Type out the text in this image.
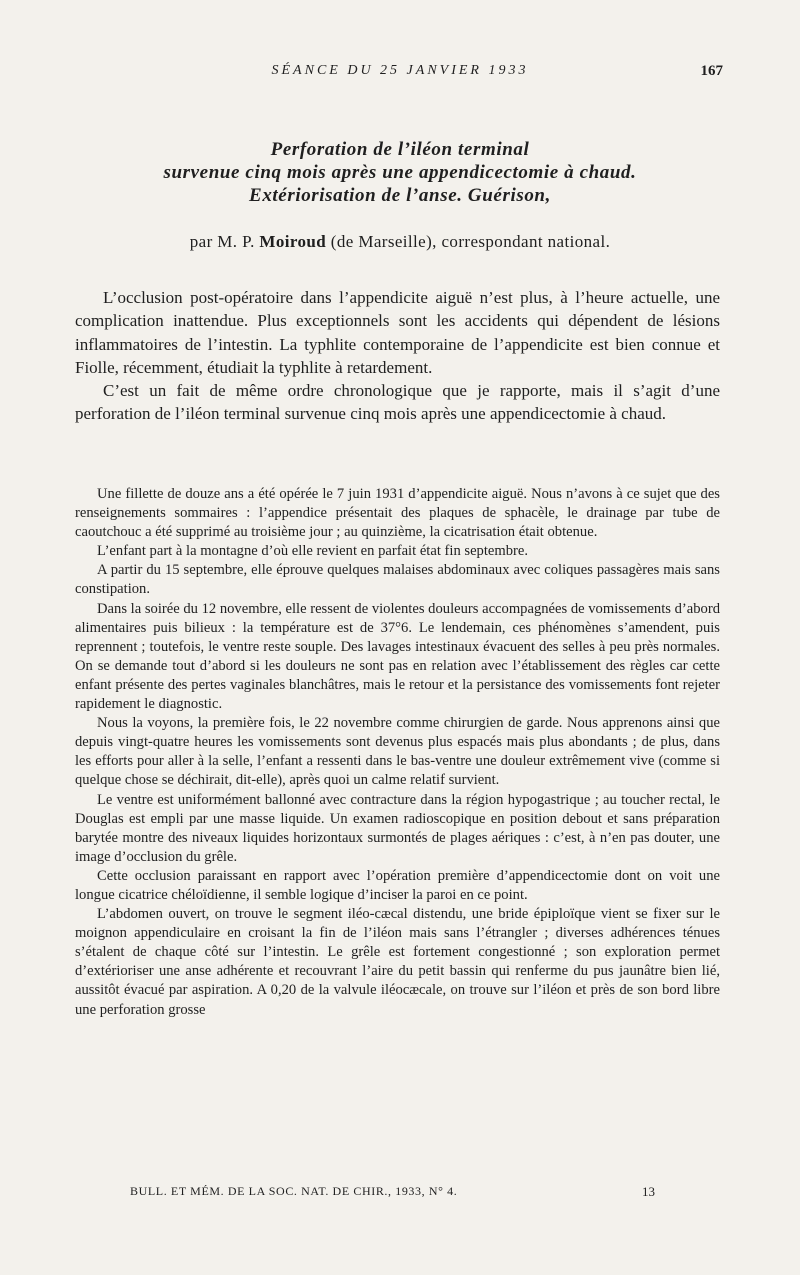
SÉANCE DU 25 JANVIER 1933	167
Perforation de l’iléon terminal
survenue cinq mois après une appendicectomie à chaud.
Extériorisation de l’anse. Guérison,
par M. P. Moiroud (de Marseille), correspondant national.

L’occlusion post-opératoire dans l’appendicite aiguë n’est plus, à l’heure actuelle, une complication inattendue. Plus exceptionnels sont les accidents qui dépendent de lésions inflammatoires de l’intestin. La typhlite contemporaine de l’appendicite est bien connue et Fiolle, récemment, étudiait la typhlite à retardement.

C’est un fait de même ordre chronologique que je rapporte, mais il s’agit d’une perforation de l’iléon terminal survenue cinq mois après une appendicectomie à chaud.

Une fillette de douze ans a été opérée le 7 juin 1931 d’appendicite aiguë. Nous n’avons à ce sujet que des renseignements sommaires : l’appendice présentait des plaques de sphacèle, le drainage par tube de caoutchouc a été supprimé au troisième jour ; au quinzième, la cicatrisation était obtenue.

L’enfant part à la montagne d’où elle revient en parfait état fin septembre.

A partir du 15 septembre, elle éprouve quelques malaises abdominaux avec coliques passagères mais sans constipation.

Dans la soirée du 12 novembre, elle ressent de violentes douleurs accompagnées de vomissements d’abord alimentaires puis bilieux : la température est de 37°6. Le lendemain, ces phénomènes s’amendent, puis reprennent ; toutefois, le ventre reste souple. Des lavages intestinaux évacuent des selles à peu près normales. On se demande tout d’abord si les douleurs ne sont pas en relation avec l’établissement des règles car cette enfant présente des pertes vaginales blanchâtres, mais le retour et la persistance des vomissements font rejeter rapidement le diagnostic.

Nous la voyons, la première fois, le 22 novembre comme chirurgien de garde. Nous apprenons ainsi que depuis vingt-quatre heures les vomissements sont devenus plus espacés mais plus abondants ; de plus, dans les efforts pour aller à la selle, l’enfant a ressenti dans le bas-ventre une douleur extrêmement vive (comme si quelque chose se déchirait, dit-elle), après quoi un calme relatif survient.

Le ventre est uniformément ballonné avec contracture dans la région hypogastrique ; au toucher rectal, le Douglas est empli par une masse liquide. Un examen radioscopique en position debout et sans préparation barytée montre des niveaux liquides horizontaux surmontés de plages aériques : c’est, à n’en pas douter, une image d’occlusion du grêle.

Cette occlusion paraissant en rapport avec l’opération première d’appendicectomie dont on voit une longue cicatrice chéloïdienne, il semble logique d’inciser la paroi en ce point.

L’abdomen ouvert, on trouve le segment iléo-cæcal distendu, une bride épiploïque vient se fixer sur le moignon appendiculaire en croisant la fin de l’iléon mais sans l’étrangler ; diverses adhérences ténues s’étalent de chaque côté sur l’intestin. Le grêle est fortement congestionné ; son exploration permet d’extérioriser une anse adhérente et recouvrant l’aire du petit bassin qui renferme du pus jaunâtre bien lié, aussitôt évacué par aspiration. A 0,20 de la valvule iléocæcale, on trouve sur l’iléon et près de son bord libre une perforation grosse

BULL. ET MÉM. DE LA SOC. NAT. DE CHIR., 1933, N° 4.	13
